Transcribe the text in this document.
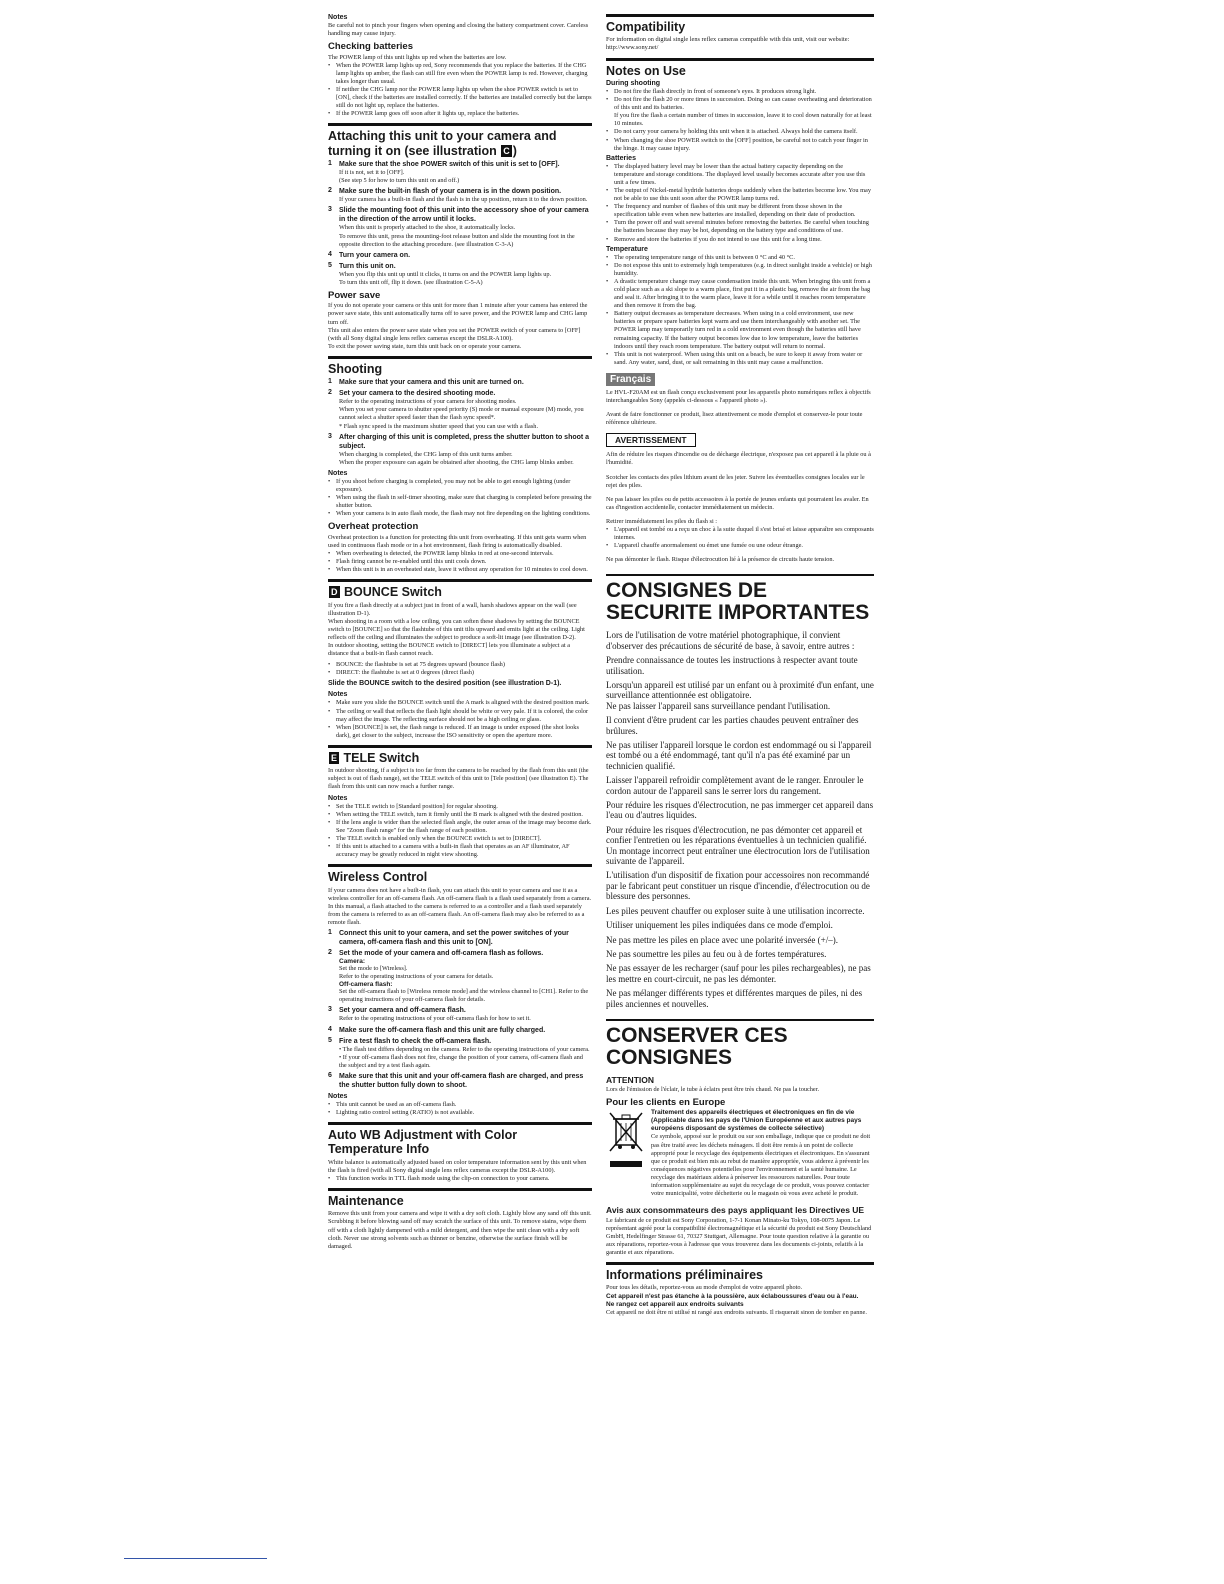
Notes

Be careful not to pinch your fingers when opening and closing the battery compartment cover. Careless handling may cause injury.

Checking batteries

The POWER lamp of this unit lights up red when the batteries are low.

• When the POWER lamp lights up red, Sony recommends that you replace the batteries. If the CHG lamp lights up amber, the flash can still fire even when the POWER lamp is red. However, charging takes longer than usual.
• If neither the CHG lamp nor the POWER lamp lights up when the shoe POWER switch is set to [ON], check if the batteries are installed correctly. If the batteries are installed correctly but the lamps still do not light up, replace the batteries.
• If the POWER lamp goes off soon after it lights up, replace the batteries.
Attaching this unit to your camera and turning it on (see illustration C )
1	Make sure that the shoe POWER switch of this unit is set to [OFF].

If it is not, set it to [OFF].
(See step 5 for how to turn this unit on and off.)

2	Make sure the built-in flash of your camera is in the down position.

If your camera has a built-in flash and the flash is in the up position, return it to the down position.

3	Slide the mounting foot of this unit into the accessory shoe of your camera in the direction of the arrow until it locks.

When this unit is properly attached to the shoe, it automatically locks.
To remove this unit, press the mounting-foot release button and slide the mounting foot in the opposite direction to the attaching procedure. (see illustration C-3-A)

4	Turn your camera on.
5	Turn this unit on.

When you flip this unit up until it clicks, it turns on and the POWER lamp lights up.
To turn this unit off, flip it down. (see illustration C-5-A)

Power save

If you do not operate your camera or this unit for more than 1 minute after your camera has entered the power save state, this unit automatically turns off to save power, and the POWER lamp and CHG lamp turn off.
This unit also enters the power save state when you set the POWER switch of your camera to [OFF] (with all Sony digital single lens reflex cameras except the DSLR-A100).
To exit the power saving state, turn this unit back on or operate your camera.

Shooting
1	Make sure that your camera and this unit are turned on.
2	Set your camera to the desired shooting mode.

Refer to the operating instructions of your camera for shooting modes.
When you set your camera to shutter speed priority (S) mode or manual exposure (M) mode, you cannot select a shutter speed faster than the flash sync speed*.
* Flash sync speed is the maximum shutter speed that you can use with a flash.

3	After charging of this unit is completed, press the shutter button to shoot a subject.

When charging is completed, the CHG lamp of this unit turns amber.
When the proper exposure can again be obtained after shooting, the CHG lamp blinks amber.

Notes
• If you shoot before charging is completed, you may not be able to get enough lighting (under exposure).
• When using the flash in self-timer shooting, make sure that charging is completed before pressing the shutter button.
• When your camera is in auto flash mode, the flash may not fire depending on the lighting conditions.
Overheat protection

Overheat protection is a function for protecting this unit from overheating. If this unit gets warm when used in continuous flash mode or in a hot environment, flash firing is automatically disabled.

• When overheating is detected, the POWER lamp blinks in red at one-second intervals.
• Flash firing cannot be re-enabled until this unit cools down.
• When this unit is in an overheated state, leave it without any operation for 10 minutes to cool down.
D BOUNCE Switch

If you fire a flash directly at a subject just in front of a wall, harsh shadows appear on the wall (see illustration D-1).
When shooting in a room with a low ceiling, you can soften these shadows by setting the BOUNCE switch to [BOUNCE] so that the flashtube of this unit tilts upward and emits light at the ceiling. Light reflects off the ceiling and illuminates the subject to produce a soft-lit image (see illustration D-2).
In outdoor shooting, setting the BOUNCE switch to [DIRECT] lets you illuminate a subject at a distance that a built-in flash cannot reach.

• BOUNCE: the flashtube is set at 75 degrees upward (bounce flash)
• DIRECT: the flashtube is set at 0 degrees (direct flash)
Slide the BOUNCE switch to the desired position (see illustration D-1).
Notes
• Make sure you slide the BOUNCE switch until the A mark is aligned with the desired position mark.
• The ceiling or wall that reflects the flash light should be white or very pale. If it is colored, the color may affect the image. The reflecting surface should not be a high ceiling or glass.
• When [BOUNCE] is set, the flash range is reduced. If an image is under exposed (the shot looks dark), get closer to the subject, increase the ISO sensitivity or open the aperture more.
E TELE Switch

In outdoor shooting, if a subject is too far from the camera to be reached by the flash from this unit (the subject is out of flash range), set the TELE switch of this unit to [Tele position] (see illustration E). The flash from this unit can now reach a further range.

Notes
• Set the TELE switch to [Standard position] for regular shooting.
• When setting the TELE switch, turn it firmly until the B mark is aligned with the desired position.
• If the lens angle is wider than the selected flash angle, the outer areas of the image may become dark. See "Zoom flash range" for the flash range of each position.
• The TELE switch is enabled only when the BOUNCE switch is set to [DIRECT].
• If this unit is attached to a camera with a built-in flash that operates as an AF illuminator, AF accuracy may be greatly reduced in night view shooting.
Wireless Control

If your camera does not have a built-in flash, you can attach this unit to your camera and use it as a wireless controller for an off-camera flash. An off-camera flash is a flash used separately from a camera.
In this manual, a flash attached to the camera is referred to as a controller and a flash used separately from the camera is referred to as an off-camera flash. An off-camera flash may also be referred to as a remote flash.

1	Connect this unit to your camera, and set the power switches of your camera, off-camera flash and this unit to [ON].
2	Set the mode of your camera and off-camera flash as follows.
Camera:

Set the mode to [Wireless].
Refer to the operating instructions of your camera for details.

Off-camera flash:

Set the off-camera flash to [Wireless remote mode] and the wireless channel to [CH1]. Refer to the operating instructions of your off-camera flash for details.

3	Set your camera and off-camera flash.

Refer to the operating instructions of your off-camera flash for how to set it.

4	Make sure the off-camera flash and this unit are fully charged.
5	Fire a test flash to check the off-camera flash.

• The flash test differs depending on the camera. Refer to the operating instructions of your camera.
• If your off-camera flash does not fire, change the position of your camera, off-camera flash and the subject and try a test flash again.

6	Make sure that this unit and your off-camera flash are charged, and press the shutter button fully down to shoot.
Notes
• This unit cannot be used as an off-camera flash.
• Lighting ratio control setting (RATIO) is not available.
Auto WB Adjustment with Color Temperature Info

White balance is automatically adjusted based on color temperature information sent by this unit when the flash is fired (with all Sony digital single lens reflex cameras except the DSLR-A100).

• This function works in TTL flash mode using the clip-on connection to your camera.
Maintenance

Remove this unit from your camera and wipe it with a dry soft cloth. Lightly blow any sand off this unit. Scrubbing it before blowing sand off may scratch the surface of this unit. To remove stains, wipe them off with a cloth lightly dampened with a mild detergent, and then wipe the unit clean with a dry soft cloth. Never use strong solvents such as thinner or benzine, otherwise the surface finish will be damaged.

Compatibility

For information on digital single lens reflex cameras compatible with this unit, visit our website:
http://www.sony.net/

Notes on Use
During shooting
• Do not fire the flash directly in front of someone's eyes. It produces strong light.
• Do not fire the flash 20 or more times in succession. Doing so can cause overheating and deterioration of this unit and its batteries.
If you fire the flash a certain number of times in succession, leave it to cool down naturally for at least 10 minutes.
• Do not carry your camera by holding this unit when it is attached. Always hold the camera itself.
• When changing the shoe POWER switch to the [OFF] position, be careful not to catch your finger in the hinge. It may cause injury.
Batteries
• The displayed battery level may be lower than the actual battery capacity depending on the temperature and storage conditions. The displayed level usually becomes accurate after you use this unit a few times.
• The output of Nickel-metal hydride batteries drops suddenly when the batteries become low. You may not be able to use this unit soon after the POWER lamp turns red.
• The frequency and number of flashes of this unit may be different from those shown in the specification table even when new batteries are installed, depending on their date of production.
• Turn the power off and wait several minutes before removing the batteries. Be careful when touching the batteries because they may be hot, depending on the battery type and conditions of use.
• Remove and store the batteries if you do not intend to use this unit for a long time.
Temperature
• The operating temperature range of this unit is between 0 °C and 40 °C.
• Do not expose this unit to extremely high temperatures (e.g. in direct sunlight inside a vehicle) or high humidity.
• A drastic temperature change may cause condensation inside this unit. When bringing this unit from a cold place such as a ski slope to a warm place, first put it in a plastic bag, remove the air from the bag and seal it. After bringing it to the warm place, leave it for a while until it reaches room temperature and then remove it from the bag.
• Battery output decreases as temperature decreases. When using in a cold environment, use new batteries or prepare spare batteries kept warm and use them interchangeably with another set. The POWER lamp may temporarily turn red in a cold environment even though the batteries still have remaining capacity. If the battery output becomes low due to low temperature, leave the batteries indoors until they reach room temperature. The battery output will return to normal.
• This unit is not waterproof. When using this unit on a beach, be sure to keep it away from water or sand. Any water, sand, dust, or salt remaining in this unit may cause a malfunction.
Français

Le HVL-F20AM est un flash conçu exclusivement pour les appareils photo numériques reflex à objectifs interchangeables Sony (appelés ci-dessous « l'appareil photo »).

Avant de faire fonctionner ce produit, lisez attentivement ce mode d'emploi et conservez-le pour toute référence ultérieure.

AVERTISSEMENT

Afin de réduire les risques d'incendie ou de décharge électrique, n'exposez pas cet appareil à la pluie ou à l'humidité.

Scotcher les contacts des piles lithium avant de les jeter. Suivre les éventuelles consignes locales sur le rejet des piles.

Ne pas laisser les piles ou de petits accessoires à la portée de jeunes enfants qui pourraient les avaler. En cas d'ingestion accidentelle, contacter immédiatement un médecin.

Retirer immédiatement les piles du flash si :

• L'appareil est tombé ou a reçu un choc à la suite duquel il s'est brisé et laisse apparaître ses composants internes.
• L'appareil chauffe anormalement ou émet une fumée ou une odeur étrange.

Ne pas démonter le flash. Risque d'électrocution lié à la présence de circuits haute tension.

CONSIGNES DE SECURITE IMPORTANTES
Lors de l'utilisation de votre matériel photographique, il convient d'observer des précautions de sécurité de base, à savoir, entre autres :
Prendre connaissance de toutes les instructions à respecter avant toute utilisation.
Lorsqu'un appareil est utilisé par un enfant ou à proximité d'un enfant, une surveillance attentionnée est obligatoire.
Ne pas laisser l'appareil sans surveillance pendant l'utilisation.
Il convient d'être prudent car les parties chaudes peuvent entraîner des brûlures.
Ne pas utiliser l'appareil lorsque le cordon est endommagé ou si l'appareil est tombé ou a été endommagé, tant qu'il n'a pas été examiné par un technicien qualifié.
Laisser l'appareil refroidir complètement avant de le ranger. Enrouler le cordon autour de l'appareil sans le serrer lors du rangement.
Pour réduire les risques d'électrocution, ne pas immerger cet appareil dans l'eau ou d'autres liquides.
Pour réduire les risques d'électrocution, ne pas démonter cet appareil et confier l'entretien ou les réparations éventuelles à un technicien qualifié. Un montage incorrect peut entraîner une électrocution lors de l'utilisation suivante de l'appareil.
L'utilisation d'un dispositif de fixation pour accessoires non recommandé par le fabricant peut constituer un risque d'incendie, d'électrocution ou de blessure des personnes.
Les piles peuvent chauffer ou exploser suite à une utilisation incorrecte.
Utiliser uniquement les piles indiquées dans ce mode d'emploi.
Ne pas mettre les piles en place avec une polarité inversée (+/–).
Ne pas soumettre les piles au feu ou à de fortes températures.
Ne pas essayer de les recharger (sauf pour les piles rechargeables), ne pas les mettre en court-circuit, ne pas les démonter.
Ne pas mélanger différents types et différentes marques de piles, ni des piles anciennes et nouvelles.
CONSERVER CES CONSIGNES
ATTENTION

Lors de l'émission de l'éclair, le tube à éclairs peut être très chaud. Ne pas la toucher.

Pour les clients en Europe
Traitement des appareils électriques et électroniques en fin de vie (Applicable dans les pays de l'Union Européenne et aux autres pays européens disposant de systèmes de collecte sélective)

Ce symbole, apposé sur le produit ou sur son emballage, indique que ce produit ne doit pas être traité avec les déchets ménagers. Il doit être remis à un point de collecte approprié pour le recyclage des équipements électriques et électroniques. En s'assurant que ce produit est bien mis au rebut de manière appropriée, vous aiderez à prévenir les conséquences négatives potentielles pour l'environnement et la santé humaine. Le recyclage des matériaux aidera à préserver les ressources naturelles. Pour toute information supplémentaire au sujet du recyclage de ce produit, vous pouvez contacter votre municipalité, votre déchetterie ou le magasin où vous avez acheté le produit.

Avis aux consommateurs des pays appliquant les Directives UE

Le fabricant de ce produit est Sony Corporation, 1-7-1 Konan Minato-ku Tokyo, 108-0075 Japon. Le représentant agréé pour la compatibilité électromagnétique et la sécurité du produit est Sony Deutschland GmbH, Hedelfinger Strasse 61, 70327 Stuttgart, Allemagne. Pour toute question relative à la garantie ou aux réparations, reportez-vous à l'adresse que vous trouverez dans les documents ci-joints, relatifs à la garantie et aux réparations.

Informations préliminaires

Pour tous les détails, reportez-vous au mode d'emploi de votre appareil photo.

Cet appareil n'est pas étanche à la poussière, aux éclaboussures d'eau ou à l'eau.
Ne rangez cet appareil aux endroits suivants

Cet appareil ne doit être ni utilisé ni rangé aux endroits suivants. Il risquerait sinon de tomber en panne.
